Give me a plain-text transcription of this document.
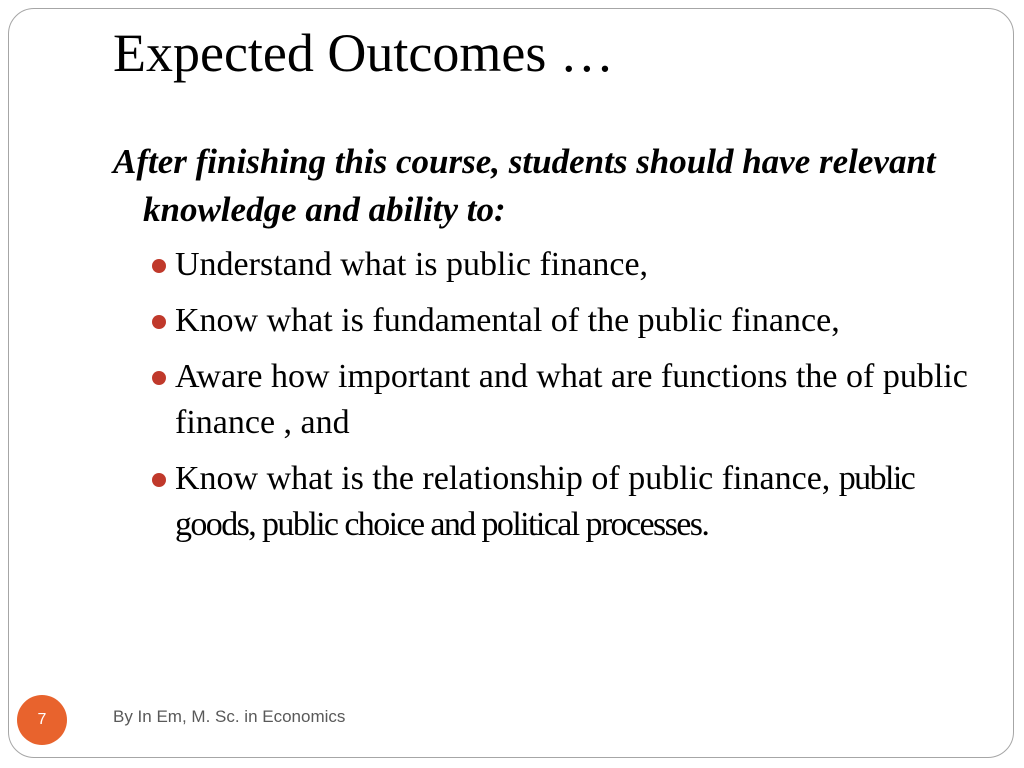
Expected Outcomes …
After finishing this course, students should have relevant knowledge and ability to:
Understand what is public finance,
Know what is fundamental of the public finance,
Aware how important and what are functions the of public finance , and
Know what is the relationship of public finance, public goods, public choice and political processes.
7	By In Em, M. Sc. in Economics
